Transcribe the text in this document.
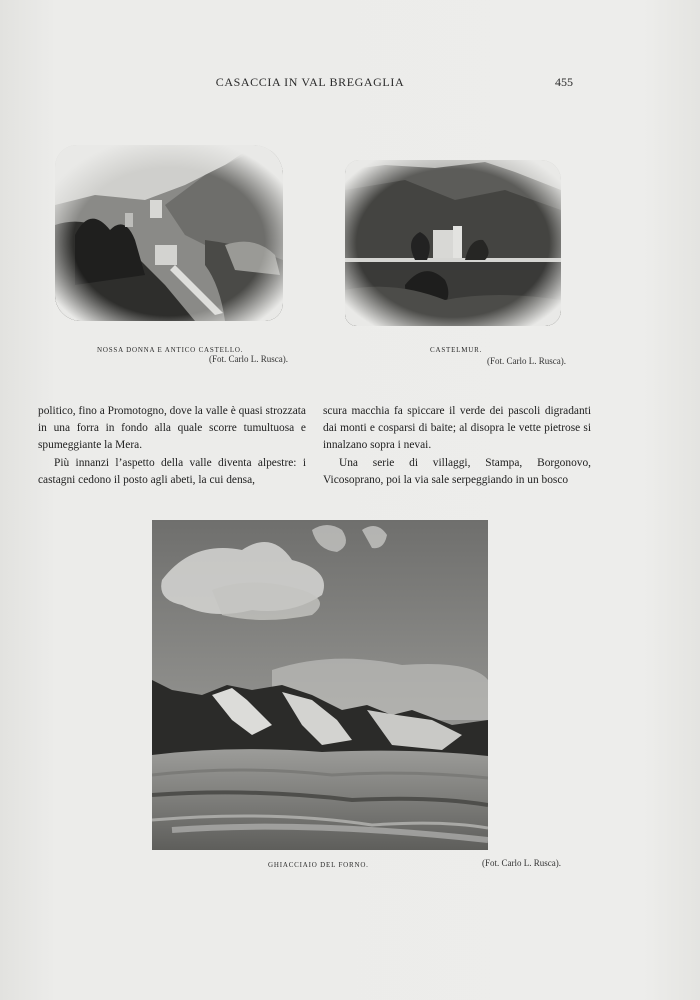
CASACCIA IN VAL BREGAGLIA	455
NOSSA DONNA E ANTICO CASTELLO.
(Fot. Carlo L. Rusca).
CASTELMUR.
(Fot. Carlo L. Rusca).

politico, fino a Promotogno, dove la valle è quasi strozzata in una forra in fondo alla quale scorre tumultuosa e spumeggiante la Mera.

Più innanzi l’aspetto della valle diventa alpestre: i castagni cedono il posto agli abeti, la cui densa,

scura macchia fa spiccare il verde dei pascoli digradanti dai monti e cosparsi di baite; al disopra le vette pietrose si innalzano sopra i nevai.

Una serie di villaggi, Stampa, Borgonovo, Vicosoprano, poi la via sale serpeggiando in un bosco

GHIACCIAIO DEL FORNO.	(Fot. Carlo L. Rusca).
